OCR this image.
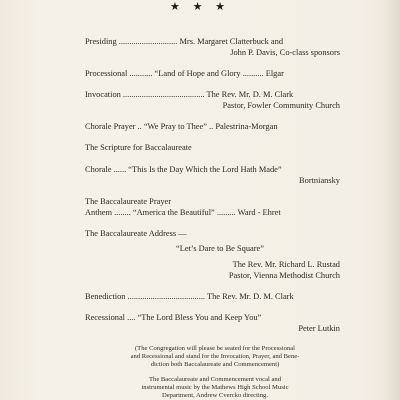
★ ★ ★
Presiding ............................ Mrs. Margaret Clatterbuck and
John P. Davis, Co-class sponsors
Processional ........... “Land of Hope and Glory .......... Elgar
Invocation ....................................... The Rev. Mr. D. M. Clark
Pastor, Fowler Community Church
Chorale Prayer .. “We Pray to Thee” .. Palestrina-Morgan
The Scripture for Baccalaureate
Chorale ...... “This Is the Day Which the Lord Hath Made”
Bortniansky
The Baccalaureate Prayer
Anthem ........ “America the Beautiful” ......... Ward - Ehret
The Baccalaureate Address —
“Let’s Dare to Be Square”
The Rev. Mr. Richard L. Rustad
Pastor, Vienna Methodist Church
Benediction ..................................... The Rev. Mr. D. M. Clark
Recessional .... “The Lord Bless You and Keep You”
Peter Lutkin
(The Congregation will please be seated for the Processional
and Recessional and stand for the Invocation, Prayer, and Bene-
diction both Baccalaureate and Commencement)
The Baccalaureate and Commencement vocal and
instrumental music by the Mathews High School Music
Department, Andrew Cvercko directing.
